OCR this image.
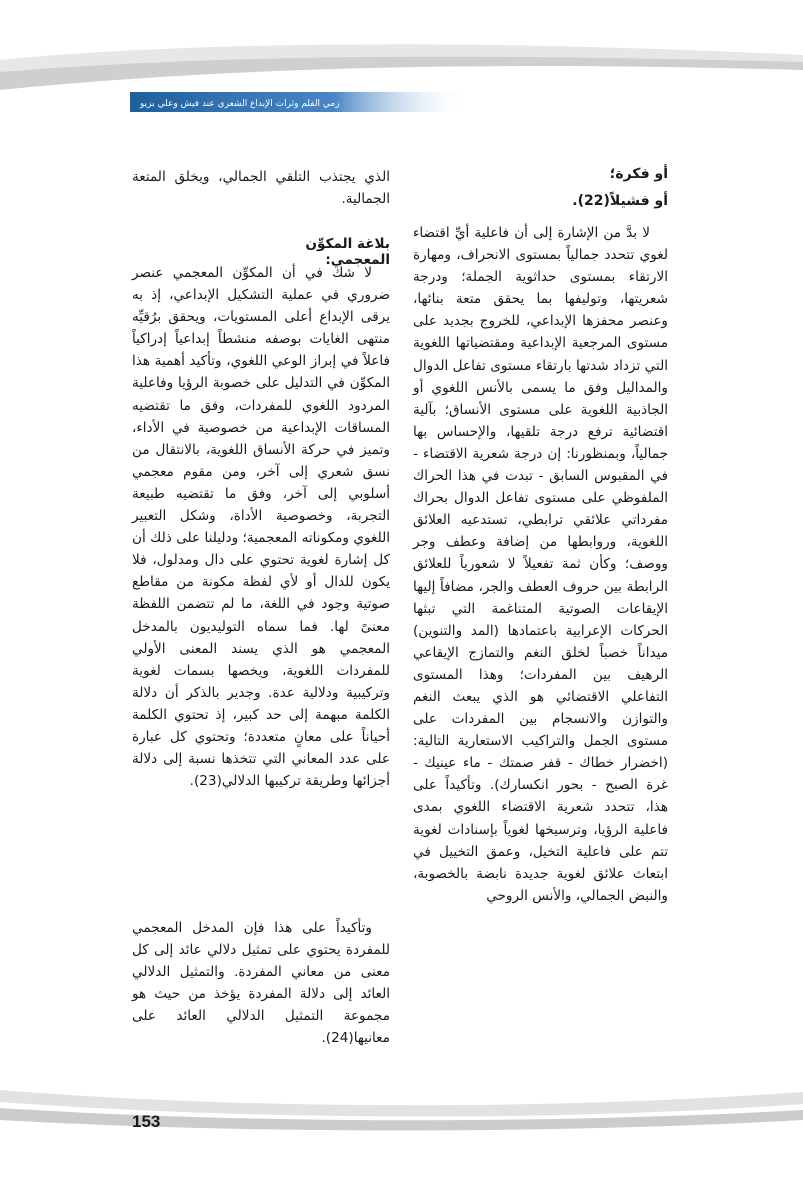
رمي الفلم وثرات الإبداع الشعري عند فيش وعلي بزيو
أو فكرة؛
أو فشيلاً(22).
لا بدَّ من الإشارة إلى أن فاعلية أيِّ اقتضاء لغوي تتحدد جمالياً بمستوى الانحراف، ومهارة الارتقاء بمستوى حداثوية الجملة؛ ودرجة شعريتها، وتوليفها بما يحقق متعة بنائها، وعنصر محفزها الإبداعي، للخروج بجديد على مستوى المرجعية الإبداعية ومقتضياتها اللغوية التي تزداد شدتها بارتقاء مستوى تفاعل الدوال والمداليل وفق ما يسمى بالأنس اللغوي أو الجاذبية اللغوية على مستوى الأنساق؛ بآلية اقتضائية ترفع درجة تلقيها، والإحساس بها جمالياً، وبمنظورنا: إن درجة شعرية الاقتضاء - في المقبوس السابق - تبدت في هذا الحراك الملفوظي على مستوى تفاعل الدوال بحراك مفرداتي علائقي ترابطي، تستدعيه العلائق اللغوية، وروابطها من إضافة وعطف وجر ووصف؛ وكأن ثمة تفعيلاً لا شعورياً للعلائق الرابطة بين حروف العطف والجر، مضافاً إليها الإيقاعات الصوتية المتناغمة التي تبثها الحركات الإعرابية باعتمادها (المد والتنوين) ميداناً خصباً لخلق النغم والتمازج الإيقاعي الرهيف بين المفردات؛ وهذا المستوى التفاعلي الاقتضائي هو الذي يبعث النغم والتوازن والانسجام بين المفردات على مستوى الجمل والتراكيب الاستعارية التالية: (اخضرار خطاك - قفر صمتك - ماء عينيك - غرة الصبح - بحور انكسارك). وتأكيداً على هذا، تتحدد شعرية الاقتضاء اللغوي بمدى فاعلية الرؤيا، وترسيخها لغوياً بإسنادات لغوية تتم على فاعلية التخيل، وعمق التخييل في ابتعاث علائق لغوية جديدة نابضة بالخصوبة، والنبض الجمالي، والأنس الروحي
الذي يجتذب التلقي الجمالي، ويخلق المتعة الجمالية.
بلاغة المكوِّن المعجمي:
لا شك في أن المكوِّن المعجمي عنصر ضروري في عملية التشكيل الإبداعي، إذ به يرقى الإبداع أعلى المستويات، ويحقق برُقيِّه منتهى الغايات بوصفه منشطاً إبداعياً إدراكياً فاعلاً في إبراز الوعي اللغوي، وتأكيد أهمية هذا المكوِّن في التدليل على خصوبة الرؤيا وفاعلية المردود اللغوي للمفردات، وفق ما تقتضيه المساقات الإبداعية من خصوصية في الأداء، وتميز في حركة الأنساق اللغوية، بالانتقال من نسق شعري إلى آخر، ومن مقوم معجمي أسلوبي إلى آخر، وفق ما تقتضيه طبيعة التجربة، وخصوصية الأداة، وشكل التعبير اللغوي ومكوناته المعجمية؛ ودليلنا على ذلك أن كل إشارة لغوية تحتوي على دال ومدلول، فلا يكون للدال أو لأي لفظة مكونة من مقاطع صوتية وجود في اللغة، ما لم تتضمن اللفظة معنىً لها. فما سماه التوليديون بالمدخل المعجمي هو الذي يسند المعنى الأولي للمفردات اللغوية، ويخصها بسمات لغوية وتركيبية ودلالية عدة. وجدير بالذكر أن دلالة الكلمة مبهمة إلى حد كبير، إذ تحتوي الكلمة أحياناً على معانٍ متعددة؛ وتحتوي كل عبارة على عدد المعاني التي تتخذها نسبة إلى دلالة أجزائها وطريقة تركيبها الدلالي(23).
وتأكيداً على هذا فإن المدخل المعجمي للمفردة يحتوي على تمثيل دلالي عائد إلى كل معنى من معاني المفردة. والتمثيل الدلالي العائد إلى دلالة المفردة يؤخذ من حيث هو مجموعة التمثيل الدلالي العائد على معانيها(24).
153
